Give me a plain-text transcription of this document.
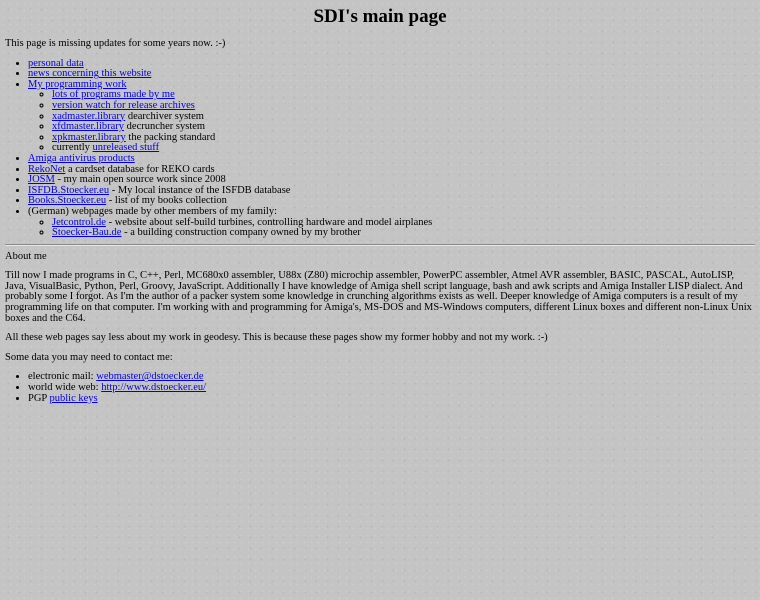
SDI's main page

This page is missing updates for some years now. :-)

• personal data
• news concerning this website
• My programming work
◦ lots of programs made by me
◦ version watch for release archives
◦ xadmaster.library dearchiver system
◦ xfdmaster.library decruncher system
◦ xpkmaster.library the packing standard
◦ currently unreleased stuff
• Amiga antivirus products
• RekoNet a cardset database for REKO cards
• JOSM - my main open source work since 2008
• ISFDB.Stoecker.eu - My local instance of the ISFDB database
• Books.Stoecker.eu - list of my books collection
• (German) webpages made by other members of my family:
◦ Jetcontrol.de - website about self-build turbines, controlling hardware and model airplanes
◦ Stoecker-Bau.de - a building construction company owned by my brother

About me

Till now I made programs in C, C++, Perl, MC680x0 assembler, U88x (Z80) microchip assembler, PowerPC assembler, Atmel AVR assembler, BASIC, PASCAL, AutoLISP, Java, VisualBasic, Python, Perl, Groovy, JavaScript. Additionally I have knowledge of Amiga shell script language, bash and awk scripts and Amiga Installer LISP dialect. And probably some I forgot. As I'm the author of a packer system some knowledge in crunching algorithms exists as well. Deeper knowledge of Amiga computers is a result of my programming life on that computer. I'm working with and programming for Amiga's, MS-DOS and MS-Windows computers, different Linux boxes and different non-Linux Unix boxes and the C64.

All these web pages say less about my work in geodesy. This is because these pages show my former hobby and not my work. :-)

Some data you may need to contact me:

• electronic mail: webmaster@dstoecker.de
• world wide web: http://www.dstoecker.eu/
• PGP public keys
